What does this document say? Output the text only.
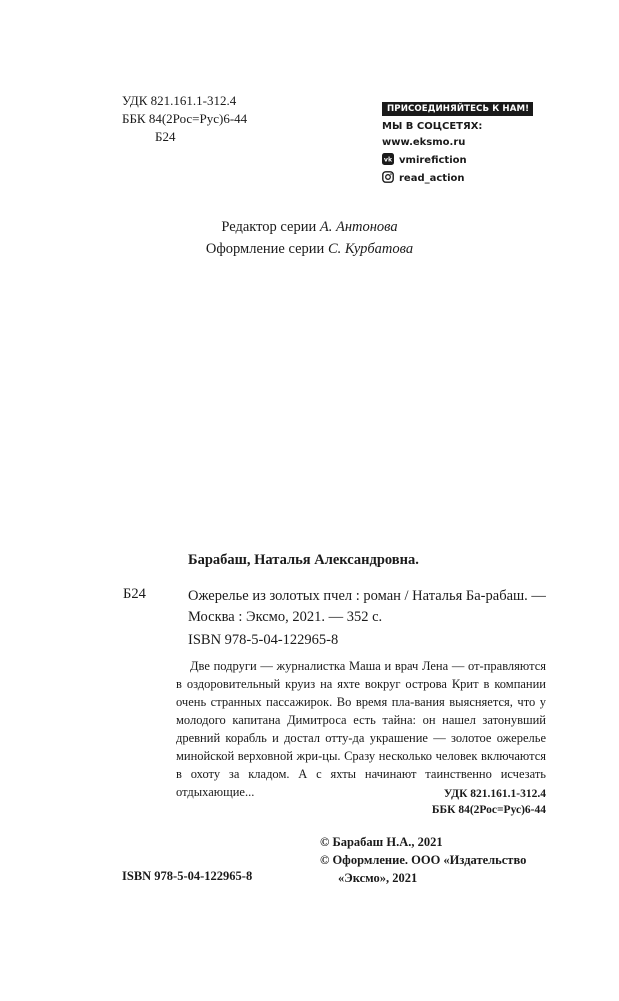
УДК 821.161.1-312.4
ББК 84(2Рос=Рус)6-44
Б24
ПРИСОЕДИНЯЙТЕСЬ К НАМ!
МЫ В СОЦСЕТЯХ:
www.eksmo.ru
vk vmirefiction
read_action
Редактор серии А. Антонова
Оформление серии С. Курбатова
Барабаш, Наталья Александровна.
Б24	Ожерелье из золотых пчел : роман / Наталья Ба-рабаш. — Москва : Эксмо, 2021. — 352 с.
ISBN 978-5-04-122965-8
Две подруги — журналистка Маша и врач Лена — от-правляются в оздоровительный круиз на яхте вокруг острова Крит в компании очень странных пассажирок. Во время пла-вания выясняется, что у молодого капитана Димитроса есть тайна: он нашел затонувший древний корабль и достал отту-да украшение — золотое ожерелье минойской верховной жри-цы. Сразу несколько человек включаются в охоту за кладом. А с яхты начинают таинственно исчезать отдыхающие...	УДК 821.161.1-312.4
ББК 84(2Рос=Рус)6-44
© Барабаш Н.А., 2021
© Оформление. ООО «Издательство
«Эксмо», 2021
ISBN 978-5-04-122965-8
